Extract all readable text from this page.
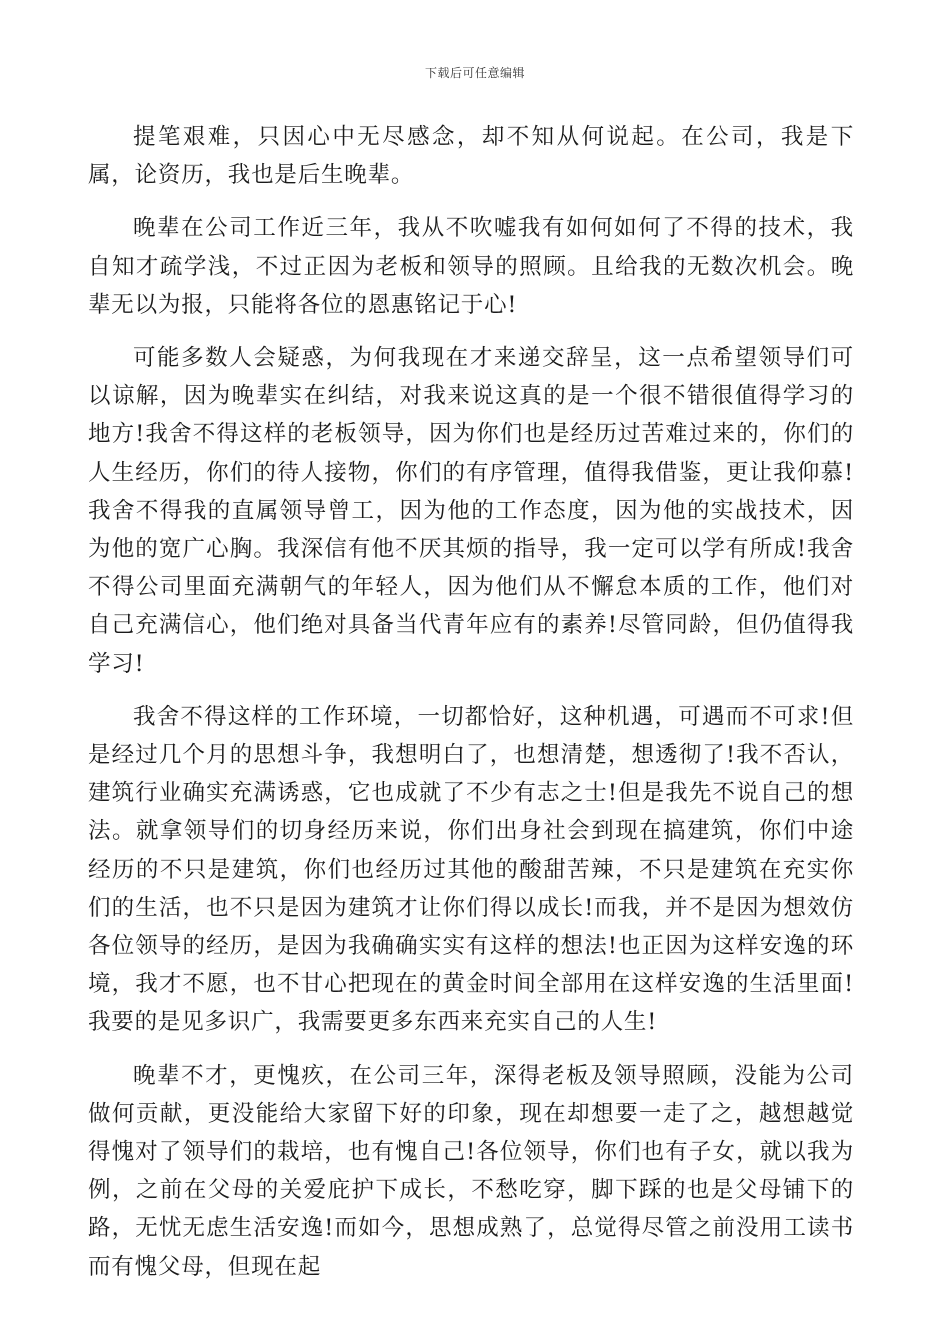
下载后可任意编辑

提笔艰难，只因心中无尽感念，却不知从何说起。在公司，我是下属，论资历，我也是后生晚辈。

晚辈在公司工作近三年，我从不吹嘘我有如何如何了不得的技术，我自知才疏学浅，不过正因为老板和领导的照顾。且给我的无数次机会。晚辈无以为报，只能将各位的恩惠铭记于心!

可能多数人会疑惑，为何我现在才来递交辞呈，这一点希望领导们可以谅解，因为晚辈实在纠结，对我来说这真的是一个很不错很值得学习的地方!我舍不得这样的老板领导，因为你们也是经历过苦难过来的，你们的人生经历，你们的待人接物，你们的有序管理，值得我借鉴，更让我仰慕!我舍不得我的直属领导曾工，因为他的工作态度，因为他的实战技术，因为他的宽广心胸。我深信有他不厌其烦的指导，我一定可以学有所成!我舍不得公司里面充满朝气的年轻人，因为他们从不懈怠本质的工作，他们对自己充满信心，他们绝对具备当代青年应有的素养!尽管同龄，但仍值得我学习!

我舍不得这样的工作环境，一切都恰好，这种机遇，可遇而不可求!但是经过几个月的思想斗争，我想明白了，也想清楚，想透彻了!我不否认，建筑行业确实充满诱惑，它也成就了不少有志之士!但是我先不说自己的想法。就拿领导们的切身经历来说，你们出身社会到现在搞建筑，你们中途经历的不只是建筑，你们也经历过其他的酸甜苦辣，不只是建筑在充实你们的生活，也不只是因为建筑才让你们得以成长!而我，并不是因为想效仿各位领导的经历，是因为我确确实实有这样的想法!也正因为这样安逸的环境，我才不愿，也不甘心把现在的黄金时间全部用在这样安逸的生活里面!我要的是见多识广，我需要更多东西来充实自己的人生!

晚辈不才，更愧疚，在公司三年，深得老板及领导照顾，没能为公司做何贡献，更没能给大家留下好的印象，现在却想要一走了之，越想越觉得愧对了领导们的栽培，也有愧自己!各位领导，你们也有子女，就以我为例，之前在父母的关爱庇护下成长，不愁吃穿，脚下踩的也是父母铺下的路，无忧无虑生活安逸!而如今，思想成熟了，总觉得尽管之前没用工读书而有愧父母，但现在起
